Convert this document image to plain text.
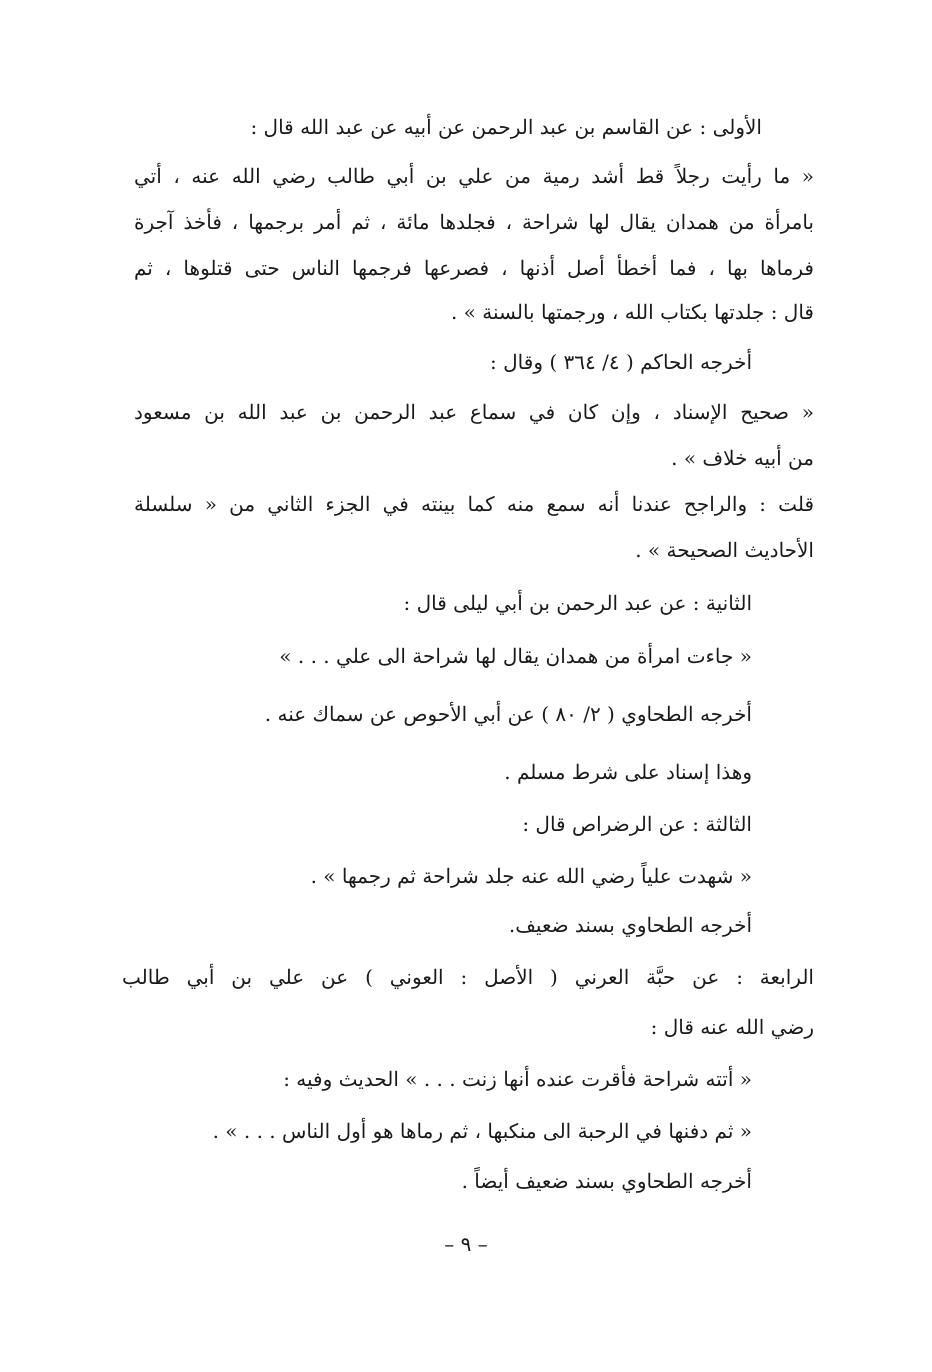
الأولى : عن القاسم بن عبد الرحمن عن أبيه عن عبد الله قال :
« ما رأيت رجلاً قط أشد رمية من علي بن أبي طالب رضي الله عنه ، أتي
بامرأة من همدان يقال لها شراحة ، فجلدها مائة ، ثم أمر برجمها ، فأخذ آجرة
فرماها بها ، فما أخطأ أصل أذنها ، فصرعها فرجمها الناس حتى قتلوها ، ثم
قال : جلدتها بكتاب الله ، ورجمتها بالسنة » .
أخرجه الحاكم ( ٤/ ٣٦٤ ) وقال :
« صحيح الإسناد ، وإن كان في سماع عبد الرحمن بن عبد الله بن مسعود
من أبيه خلاف » .
قلت : والراجح عندنا أنه سمع منه كما بينته في الجزء الثاني من « سلسلة
الأحاديث الصحيحة » .
الثانية : عن عبد الرحمن بن أبي ليلى قال :
« جاءت امرأة من همدان يقال لها شراحة الى علي . . . »
أخرجه الطحاوي ( ٢/ ٨٠ ) عن أبي الأحوص عن سماك عنه .
وهذا إسناد على شرط مسلم .
الثالثة : عن الرضراص قال :
« شهدت علياً رضي الله عنه جلد شراحة ثم رجمها » .
أخرجه الطحاوي بسند ضعيف.
الرابعة : عن حبَّة العرني ( الأصل : العوني ) عن علي بن أبي طالب
رضي الله عنه قال :
« أتته شراحة فأقرت عنده أنها زنت . . . » الحديث وفيه :
« ثم دفنها في الرحبة الى منكبها ، ثم رماها هو أول الناس . . . » .
أخرجه الطحاوي بسند ضعيف أيضاً .
– ٩ –
